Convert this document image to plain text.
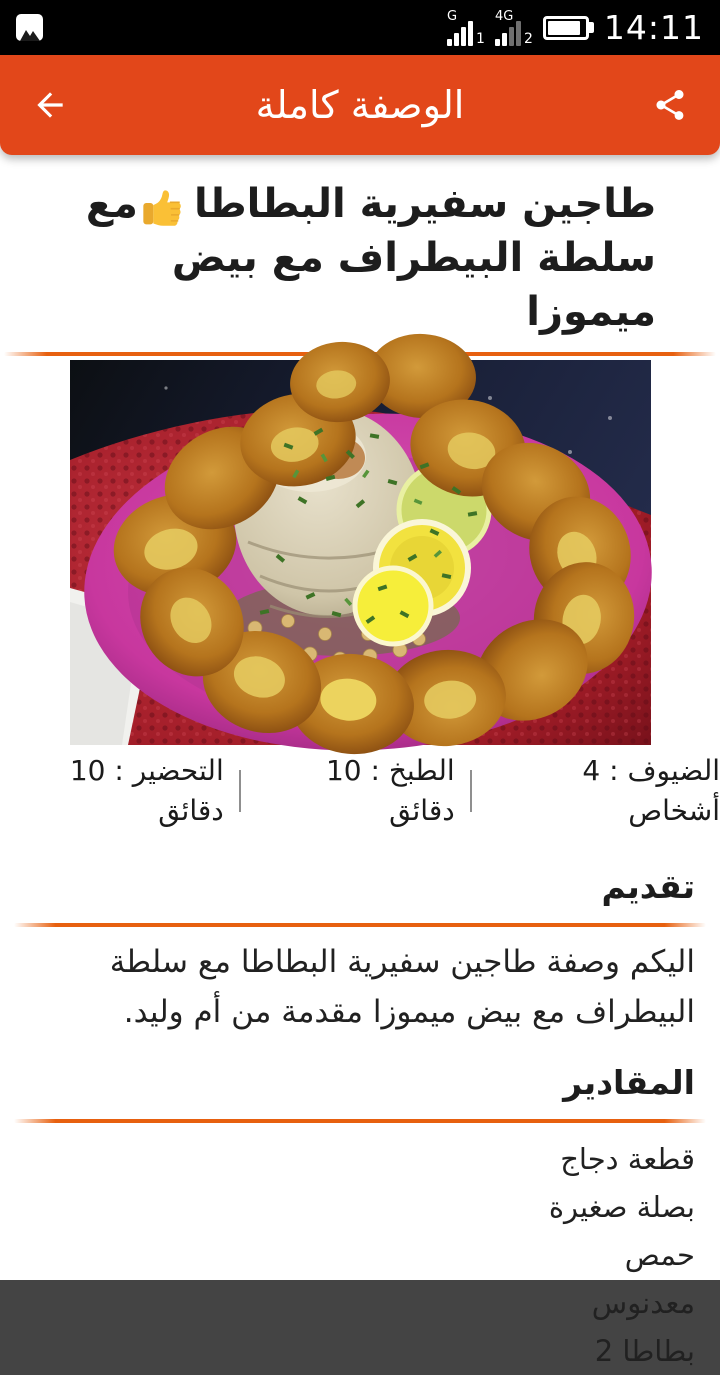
G
1
4G
2 14:11
الوصفة كاملة
طاجين سفيرية البطاطامع سلطة البيطراف مع بيض ميموزا
الضيوف : 4 أشخاص
الطبخ : 10 دقائق
التحضير : 10 دقائق
تقديم

اليكم وصفة طاجين سفيرية البطاطا مع سلطة البيطراف مع بيض ميموزا مقدمة من أم وليد.

المقادير
قطعة دجاج
بصلة صغيرة
حمص
معدنوس
2 بطاطا
